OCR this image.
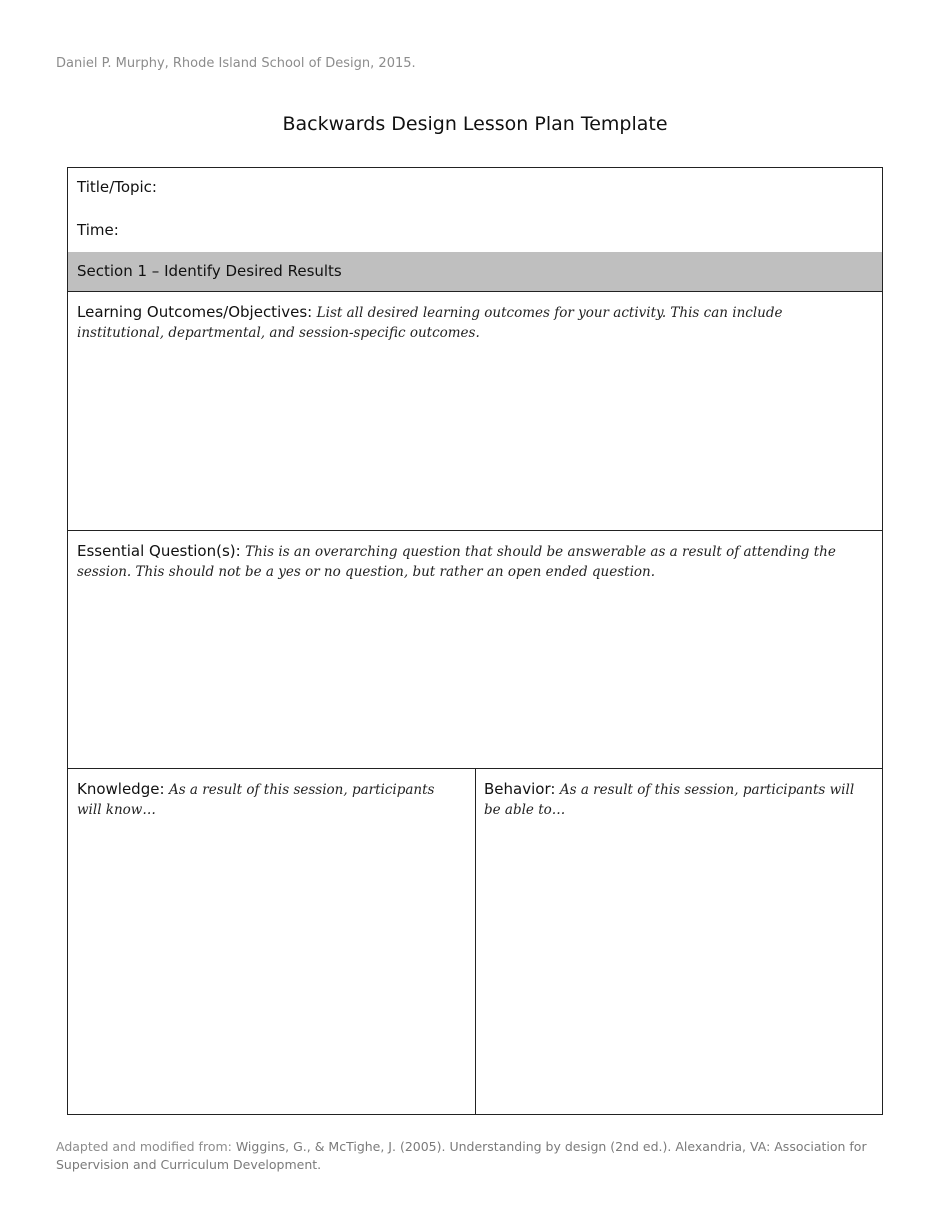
Daniel P. Murphy, Rhode Island School of Design, 2015.
Backwards Design Lesson Plan Template
Title/Topic:
Time:
Section 1 – Identify Desired Results
Learning Outcomes/Objectives: List all desired learning outcomes for your activity. This can include institutional, departmental, and session-specific outcomes.
Essential Question(s): This is an overarching question that should be answerable as a result of attending the session. This should not be a yes or no question, but rather an open ended question.
Knowledge: As a result of this session, participants will know…
Behavior: As a result of this session, participants will be able to…
Adapted and modified from: Wiggins, G., & McTighe, J. (2005). Understanding by design (2nd ed.). Alexandria, VA: Association for Supervision and Curriculum Development.
